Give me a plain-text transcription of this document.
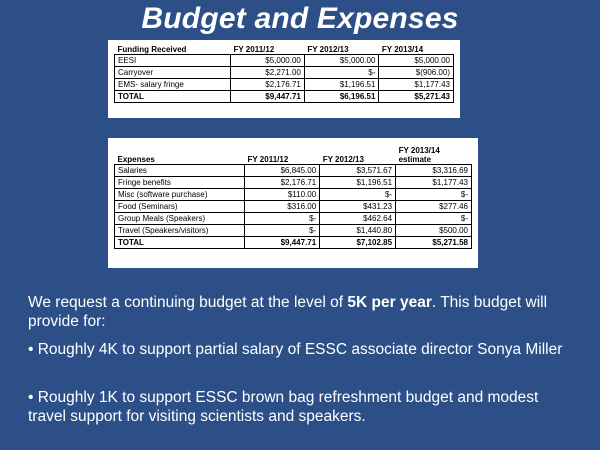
Budget and Expenses
Funding Received	FY 2011/12	FY 2012/13	FY 2013/14
EESI	$5,000.00	$5,000.00	$5,000.00
Carryover	$2,271.00	$-	$(906.00)
EMS- salary fringe	$2,176.71	$1,196.51	$1,177.43
TOTAL	$9,447.71	$6,196.51	$5,271.43
Expenses	FY 2011/12	FY 2012/13	FY 2013/14
estimate
Salaries	$6,845.00	$3,571.67	$3,316.69
Fringe benefits	$2,176.71	$1,196.51	$1,177.43
Misc (software purchase)	$110.00	$-	$-
Food (Seminars)	$316.00	$431.23	$277.46
Group Meals (Speakers)	$-	$462.64	$-
Travel (Speakers/visitors)	$-	$1,440.80	$500.00
TOTAL	$9,447.71	$7,102.85	$5,271.58
We request a continuing budget at the level of 5K per year. This budget will provide for:
• Roughly 4K to support partial salary of ESSC associate director Sonya Miller
• Roughly 1K to support ESSC brown bag refreshment budget and modest travel support for visiting scientists and speakers.
